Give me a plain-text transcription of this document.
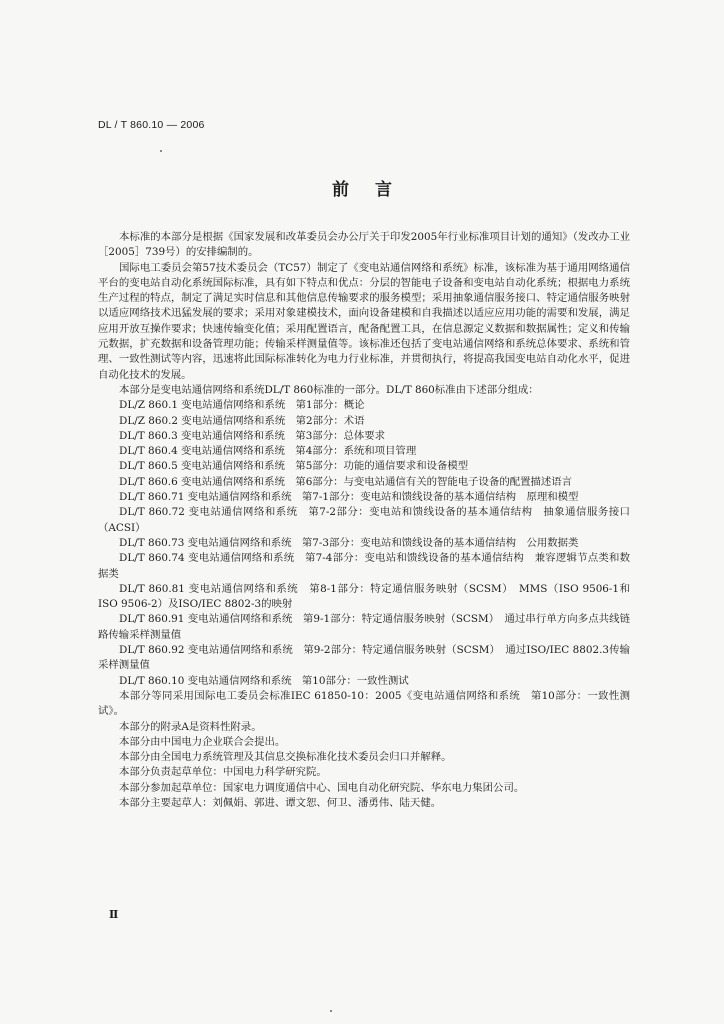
DL / T 860.10 — 2006
前言

本标准的本部分是根据《国家发展和改革委员会办公厅关于印发2005年行业标准项目计划的通知》（发改办工业［2005］739号）的安排编制的。

国际电工委员会第57技术委员会（TC57）制定了《变电站通信网络和系统》标准，该标准为基于通用网络通信平台的变电站自动化系统国际标准，具有如下特点和优点：分层的智能电子设备和变电站自动化系统；根据电力系统生产过程的特点，制定了满足实时信息和其他信息传输要求的服务模型；采用抽象通信服务接口、特定通信服务映射以适应网络技术迅猛发展的要求；采用对象建模技术，面向设备建模和自我描述以适应应用功能的需要和发展，满足应用开放互操作要求；快速传输变化值；采用配置语言，配备配置工具，在信息源定义数据和数据属性；定义和传输元数据，扩充数据和设备管理功能；传输采样测量值等。该标准还包括了变电站通信网络和系统总体要求、系统和管理、一致性测试等内容，迅速将此国际标准转化为电力行业标准，并贯彻执行，将提高我国变电站自动化水平，促进自动化技术的发展。

本部分是变电站通信网络和系统DL/T 860标准的一部分。DL/T 860标准由下述部分组成：

DL/Z 860.1 变电站通信网络和系统　第1部分：概论

DL/Z 860.2 变电站通信网络和系统　第2部分：术语

DL/T 860.3 变电站通信网络和系统　第3部分：总体要求

DL/T 860.4 变电站通信网络和系统　第4部分：系统和项目管理

DL/T 860.5 变电站通信网络和系统　第5部分：功能的通信要求和设备模型

DL/T 860.6 变电站通信网络和系统　第6部分：与变电站通信有关的智能电子设备的配置描述语言

DL/T 860.71 变电站通信网络和系统　第7-1部分：变电站和馈线设备的基本通信结构　原理和模型

DL/T 860.72 变电站通信网络和系统　第7-2部分：变电站和馈线设备的基本通信结构　抽象通信服务接口（ACSI）

DL/T 860.73 变电站通信网络和系统　第7-3部分：变电站和馈线设备的基本通信结构　公用数据类

DL/T 860.74 变电站通信网络和系统　第7-4部分：变电站和馈线设备的基本通信结构　兼容逻辑节点类和数据类

DL/T 860.81 变电站通信网络和系统　第8-1部分：特定通信服务映射（SCSM）　MMS（ISO 9506-1和ISO 9506-2）及ISO/IEC 8802-3的映射

DL/T 860.91 变电站通信网络和系统　第9-1部分：特定通信服务映射（SCSM）　通过串行单方向多点共线链路传输采样测量值

DL/T 860.92 变电站通信网络和系统　第9-2部分：特定通信服务映射（SCSM）　通过ISO/IEC 8802.3传输采样测量值

DL/T 860.10 变电站通信网络和系统　第10部分：一致性测试

本部分等同采用国际电工委员会标准IEC 61850-10：2005《变电站通信网络和系统　第10部分：一致性测试》。

本部分的附录A是资料性附录。

本部分由中国电力企业联合会提出。

本部分由全国电力系统管理及其信息交换标准化技术委员会归口并解释。

本部分负责起草单位：中国电力科学研究院。

本部分参加起草单位：国家电力调度通信中心、国电自动化研究院、华东电力集团公司。

本部分主要起草人：刘佩娟、郭进、谭文恕、何卫、潘勇伟、陆天健。

Ⅱ
